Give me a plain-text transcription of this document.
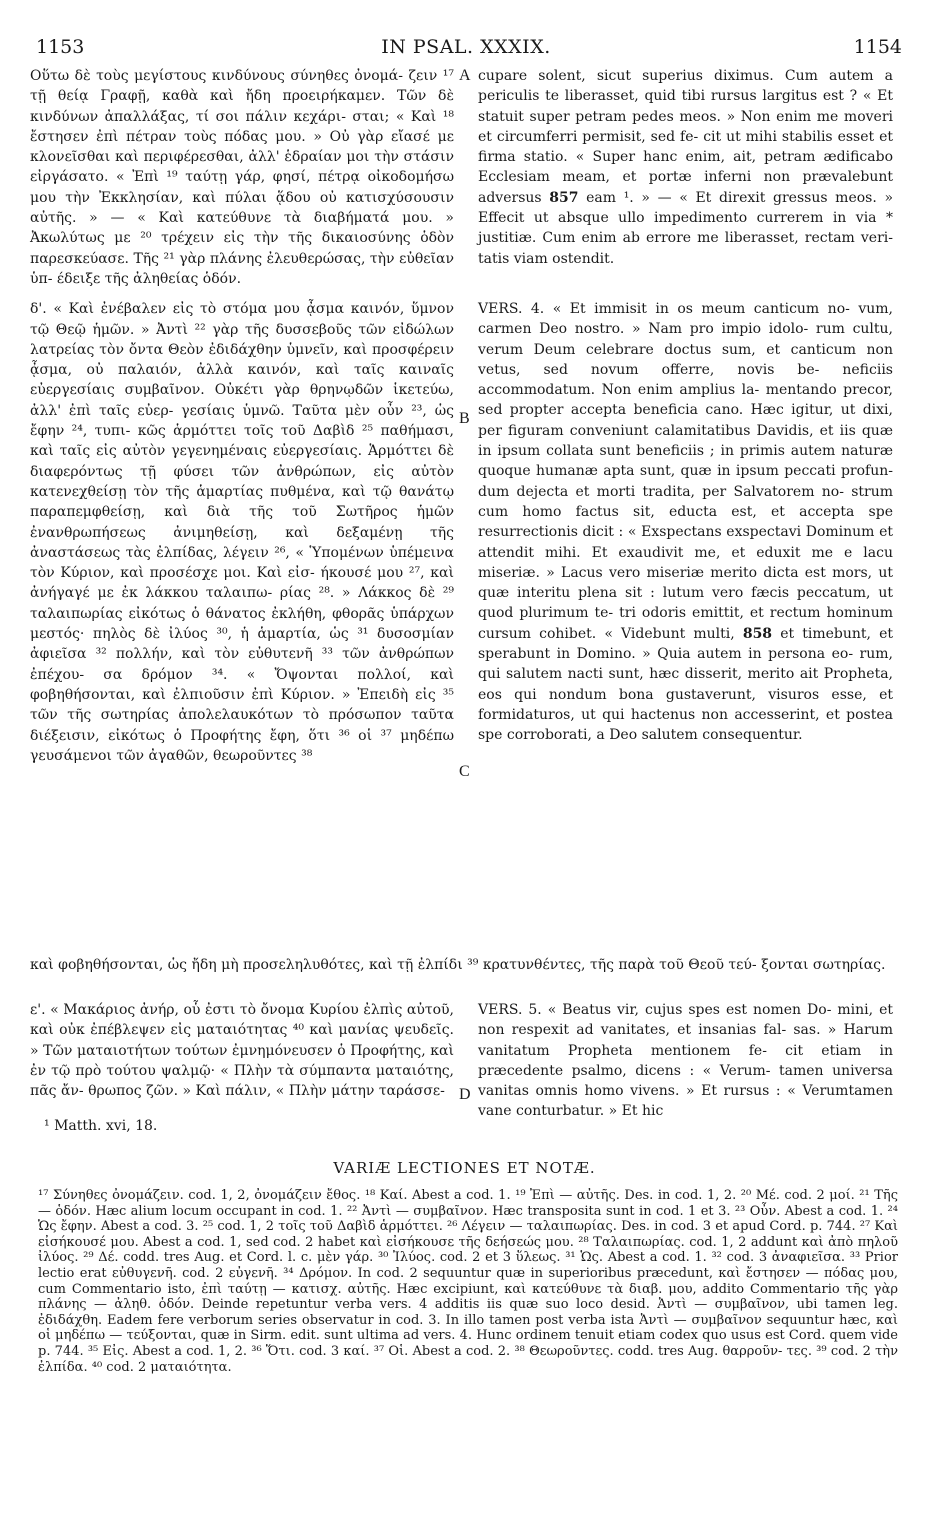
1153	IN PSAL. XXXIX.	1154
A
B
C
D

Οὕτω δὲ τοὺς μεγίστους κινδύνους σύνηθες ὀνομά- ζειν ¹⁷ τῇ θείᾳ Γραφῇ, καθὰ καὶ ἤδη προειρήκαμεν. Τῶν δὲ κινδύνων ἀπαλλάξας, τί σοι πάλιν κεχάρι- σται; « Καὶ ¹⁸ ἔστησεν ἐπὶ πέτραν τοὺς πόδας μου. » Οὐ γὰρ εἴασέ με κλονεῖσθαι καὶ περιφέρεσθαι, ἀλλ' ἑδραίαν μοι τὴν στάσιν εἰργάσατο. « Ἐπὶ ¹⁹ ταύτῃ γάρ, φησί, πέτρᾳ οἰκοδομήσω μου τὴν Ἐκκλησίαν, καὶ πύλαι ᾅδου οὐ κατισχύσουσιν αὐτῆς. » — « Καὶ κατεύθυνε τὰ διαβήματά μου. » Ἀκωλύτως με ²⁰ τρέχειν εἰς τὴν τῆς δικαιοσύνης ὁδὸν παρεσκεύασε. Τῆς ²¹ γὰρ πλάνης ἐλευθερώσας, τὴν εὐθεῖαν ὑπ- έδειξε τῆς ἀληθείας ὁδόν.

δ'. « Καὶ ἐνέβαλεν εἰς τὸ στόμα μου ᾆσμα καινόν, ὕμνον τῷ Θεῷ ἡμῶν. » Ἀντὶ ²² γὰρ τῆς δυσσεβοῦς τῶν εἰδώλων λατρείας τὸν ὄντα Θεὸν ἐδιδάχθην ὑμνεῖν, καὶ προσφέρειν ᾆσμα, οὐ παλαιόν, ἀλλὰ καινόν, καὶ ταῖς καιναῖς εὐεργεσίαις συμβαῖνον. Οὐκέτι γὰρ θρηνῳδῶν ἱκετεύω, ἀλλ' ἐπὶ ταῖς εὐερ- γεσίαις ὑμνῶ. Ταῦτα μὲν οὖν ²³, ὡς ἔφην ²⁴, τυπι- κῶς ἁρμόττει τοῖς τοῦ Δαβὶδ ²⁵ παθήμασι, καὶ ταῖς εἰς αὐτὸν γεγενημέναις εὐεργεσίαις. Ἁρμόττει δὲ διαφερόντως τῇ φύσει τῶν ἀνθρώπων, εἰς αὐτὸν κατενεχθείσῃ τὸν τῆς ἁμαρτίας πυθμένα, καὶ τῷ θανάτῳ παραπεμφθείσῃ, καὶ διὰ τῆς τοῦ Σωτῆρος ἡμῶν ἐνανθρωπήσεως ἀνιμηθείσῃ, καὶ δεξαμένῃ τῆς ἀναστάσεως τὰς ἐλπίδας, λέγειν ²⁶, « Ὑπομένων ὑπέμεινα τὸν Κύριον, καὶ προσέσχε μοι. Καὶ εἰσ- ήκουσέ μου ²⁷, καὶ ἀνήγαγέ με ἐκ λάκκου ταλαιπω- ρίας ²⁸. » Λάκκος δὲ ²⁹ ταλαιπωρίας εἰκότως ὁ θάνατος ἐκλήθη, φθορᾶς ὑπάρχων μεστός· πηλὸς δὲ ἰλύος ³⁰, ἡ ἁμαρτία, ὡς ³¹ δυσοσμίαν ἀφιεῖσα ³² πολλήν, καὶ τὸν εὐθυτενῆ ³³ τῶν ἀνθρώπων ἐπέχου- σα δρόμον ³⁴. « Ὄψονται πολλοί, καὶ φοβηθήσονται, καὶ ἐλπιοῦσιν ἐπὶ Κύριον. » Ἐπειδὴ εἰς ³⁵ τῶν τῆς σωτηρίας ἀπολελαυκότων τὸ πρόσωπον ταῦτα διέξεισιν, εἰκότως ὁ Προφήτης ἔφη, ὅτι ³⁶ οἱ ³⁷ μηδέπω γευσάμενοι τῶν ἀγαθῶν, θεωροῦντες ³⁸

cupare solent, sicut superius diximus. Cum autem a periculis te liberasset, quid tibi rursus largitus est ? « Et statuit super petram pedes meos. » Non enim me moveri et circumferri permisit, sed fe- cit ut mihi stabilis esset et firma statio. « Super hanc enim, ait, petram ædificabo Ecclesiam meam, et portæ inferni non prævalebunt adversus 857 eam ¹. » — « Et direxit gressus meos. » Effecit ut absque ullo impedimento currerem in via * justitiæ. Cum enim ab errore me liberasset, rectam veri- tatis viam ostendit.

VERS. 4. « Et immisit in os meum canticum no- vum, carmen Deo nostro. » Nam pro impio idolo- rum cultu, verum Deum celebrare doctus sum, et canticum non vetus, sed novum offerre, novis be- neficiis accommodatum. Non enim amplius la- mentando precor, sed propter accepta beneficia cano. Hæc igitur, ut dixi, per figuram conveniunt calamitatibus Davidis, et iis quæ in ipsum collata sunt beneficiis ; in primis autem naturæ quoque humanæ apta sunt, quæ in ipsum peccati profun- dum dejecta et morti tradita, per Salvatorem no- strum cum homo factus sit, educta est, et accepta spe resurrectionis dicit : « Exspectans exspectavi Dominum et attendit mihi. Et exaudivit me, et eduxit me e lacu miseriæ. » Lacus vero miseriæ merito dicta est mors, ut quæ interitu plena sit : lutum vero fæcis peccatum, ut quod plurimum te- tri odoris emittit, et rectum hominum cursum cohibet. « Videbunt multi, 858 et timebunt, et sperabunt in Domino. » Quia autem in persona eo- rum, qui salutem nacti sunt, hæc disserit, merito ait Propheta, eos qui nondum bona gustaverunt, visuros esse, et formidaturos, ut qui hactenus non accesserint, et postea spe corroborati, a Deo salutem consequentur.

καὶ φοβηθήσονται, ὡς ἤδη μὴ προσεληλυθότες, καὶ τῇ ἐλπίδι ³⁹ κρατυνθέντες, τῆς παρὰ τοῦ Θεοῦ τεύ- ξονται σωτηρίας.

ε'. « Μακάριος ἀνήρ, οὗ ἐστι τὸ ὄνομα Κυρίου ἐλπὶς αὐτοῦ, καὶ οὐκ ἐπέβλεψεν εἰς ματαιότητας ⁴⁰ καὶ μανίας ψευδεῖς. » Τῶν ματαιοτήτων τούτων ἐμνημόνευσεν ὁ Προφήτης, καὶ ἐν τῷ πρὸ τούτου ψαλμῷ· « Πλὴν τὰ σύμπαντα ματαιότης, πᾶς ἄν- θρωπος ζῶν. » Καὶ πάλιν, « Πλὴν μάτην ταράσσε-

VERS. 5. « Beatus vir, cujus spes est nomen Do- mini, et non respexit ad vanitates, et insanias fal- sas. » Harum vanitatum Propheta mentionem fe- cit etiam in præcedente psalmo, dicens : « Verum- tamen universa vanitas omnis homo vivens. » Et rursus : « Verumtamen vane conturbatur. » Et hic

¹ Matth. xvi, 18.
VARIÆ LECTIONES ET NOTÆ.
¹⁷ Σύνηθες ὀνομάζειν. cod. 1, 2, ὀνομάζειν ἔθος. ¹⁸ Καί. Abest a cod. 1. ¹⁹ Ἐπὶ — αὐτῆς. Des. in cod. 1, 2. ²⁰ Μέ. cod. 2 μοί. ²¹ Τῆς — ὁδόν. Hæc alium locum occupant in cod. 1. ²² Ἀντὶ — συμβαῖνον. Hæc transposita sunt in cod. 1 et 3. ²³ Οὖν. Abest a cod. 1. ²⁴ Ὡς ἔφην. Abest a cod. 3. ²⁵ cod. 1, 2 τοῖς τοῦ Δαβὶδ ἁρμόττει. ²⁶ Λέγειν — ταλαιπωρίας. Des. in cod. 3 et apud Cord. p. 744. ²⁷ Καὶ εἰσήκουσέ μου. Abest a cod. 1, sed cod. 2 habet καὶ εἰσήκουσε τῆς δεήσεώς μου. ²⁸ Ταλαιπωρίας. cod. 1, 2 addunt καὶ ἀπὸ πηλοῦ ἰλύος. ²⁹ Δέ. codd. tres Aug. et Cord. l. c. μὲν γάρ. ³⁰ Ἰλύος. cod. 2 et 3 ὕλεως. ³¹ Ὡς. Abest a cod. 1. ³² cod. 3 ἀναφιεῖσα. ³³ Prior lectio erat εὐθυγενῆ. cod. 2 εὐγενῆ. ³⁴ Δρόμον. In cod. 2 sequuntur quæ in superioribus præcedunt, καὶ ἔστησεν — πόδας μου, cum Commentario isto, ἐπὶ ταύτῃ — κατισχ. αὐτῆς. Hæc excipiunt, καὶ κατεύθυνε τὰ διαβ. μου, addito Commentario τῆς γὰρ πλάνης — ἀληθ. ὁδόν. Deinde repetuntur verba vers. 4 additis iis quæ suo loco desid. Ἀντὶ — συμβαῖνον, ubi tamen leg. ἐδιδάχθη. Eadem fere verborum series observatur in cod. 3. In illo tamen post verba ista Ἀντὶ — συμβαῖνον sequuntur hæc, καὶ οἱ μηδέπω — τεύξονται, quæ in Sirm. edit. sunt ultima ad vers. 4. Hunc ordinem tenuit etiam codex quo usus est Cord. quem vide p. 744. ³⁵ Εἰς. Abest a cod. 1, 2. ³⁶ Ὅτι. cod. 3 καί. ³⁷ Οἱ. Abest a cod. 2. ³⁸ Θεωροῦντες. codd. tres Aug. θαρροῦν- τες. ³⁹ cod. 2 τὴν ἐλπίδα. ⁴⁰ cod. 2 ματαιότητα.
